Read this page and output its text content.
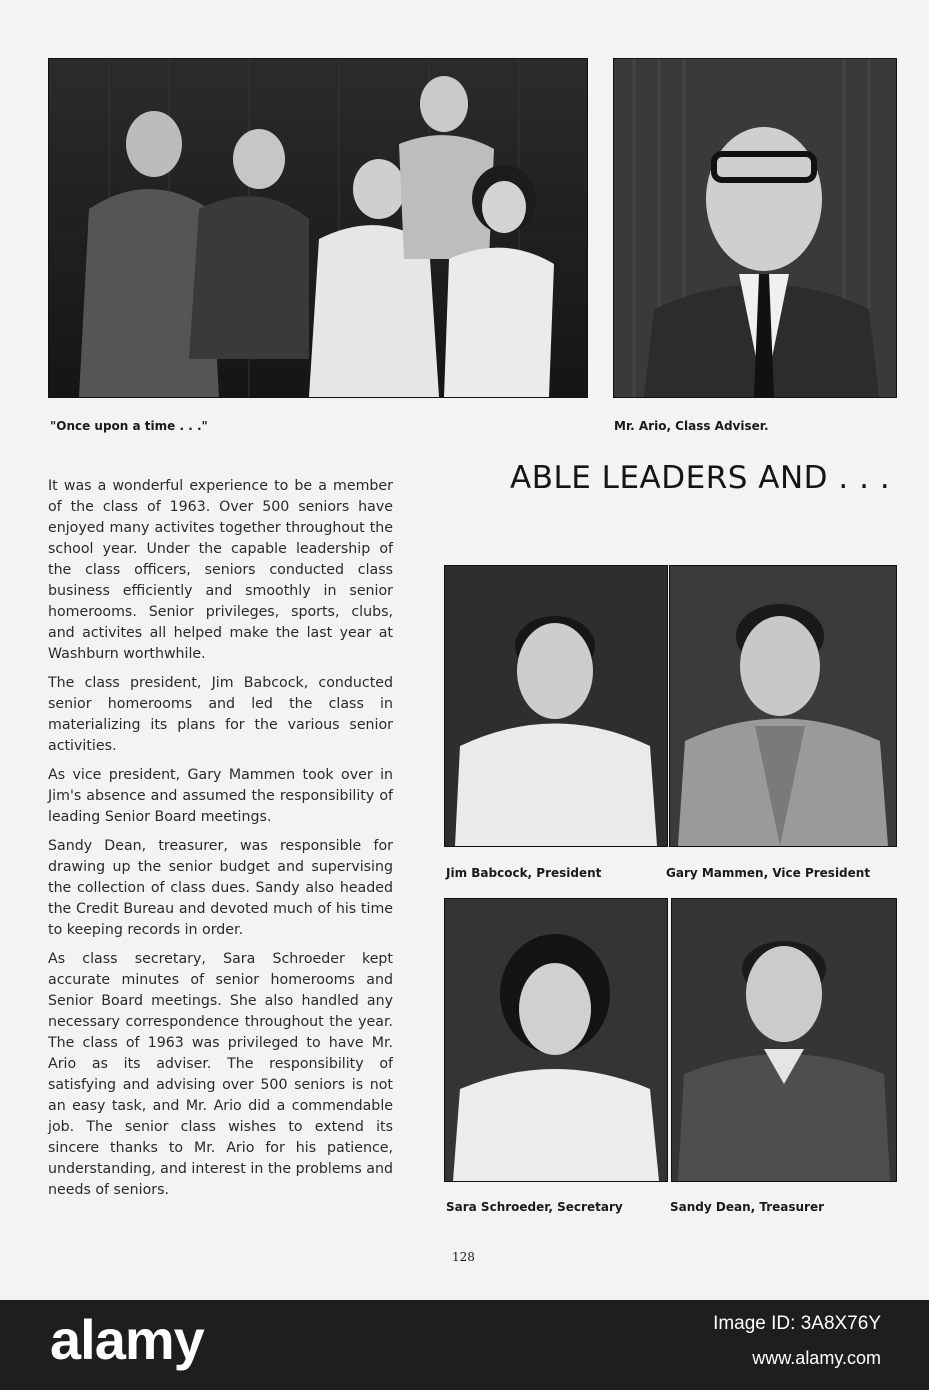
"Once upon a time . . ."	Mr. Ario, Class Adviser.
ABLE LEADERS AND . . .

It was a wonderful experience to be a member of the class of 1963. Over 500 seniors have enjoyed many activites together throughout the school year. Under the capable leadership of the class officers, seniors conducted class business efficiently and smoothly in senior homerooms. Senior privileges, sports, clubs, and activites all helped make the last year at Washburn worthwhile.

The class president, Jim Babcock, conducted senior homerooms and led the class in materializing its plans for the various senior activities.

As vice president, Gary Mammen took over in Jim's absence and assumed the responsibility of leading Senior Board meetings.

Sandy Dean, treasurer, was responsible for drawing up the senior budget and supervising the collection of class dues. Sandy also headed the Credit Bureau and devoted much of his time to keeping records in order.

As class secretary, Sara Schroeder kept accurate minutes of senior homerooms and Senior Board meetings. She also handled any necessary correspondence throughout the year. The class of 1963 was privileged to have Mr. Ario as its adviser. The responsibility of satisfying and advising over 500 seniors is not an easy task, and Mr. Ario did a commendable job. The senior class wishes to extend its sincere thanks to Mr. Ario for his patience, understanding, and interest in the problems and needs of seniors.

Jim Babcock, President	Gary Mammen, Vice President
Sara Schroeder, Secretary	Sandy Dean, Treasurer
128
alamy	Image ID: 3A8X76Y
www.alamy.com
